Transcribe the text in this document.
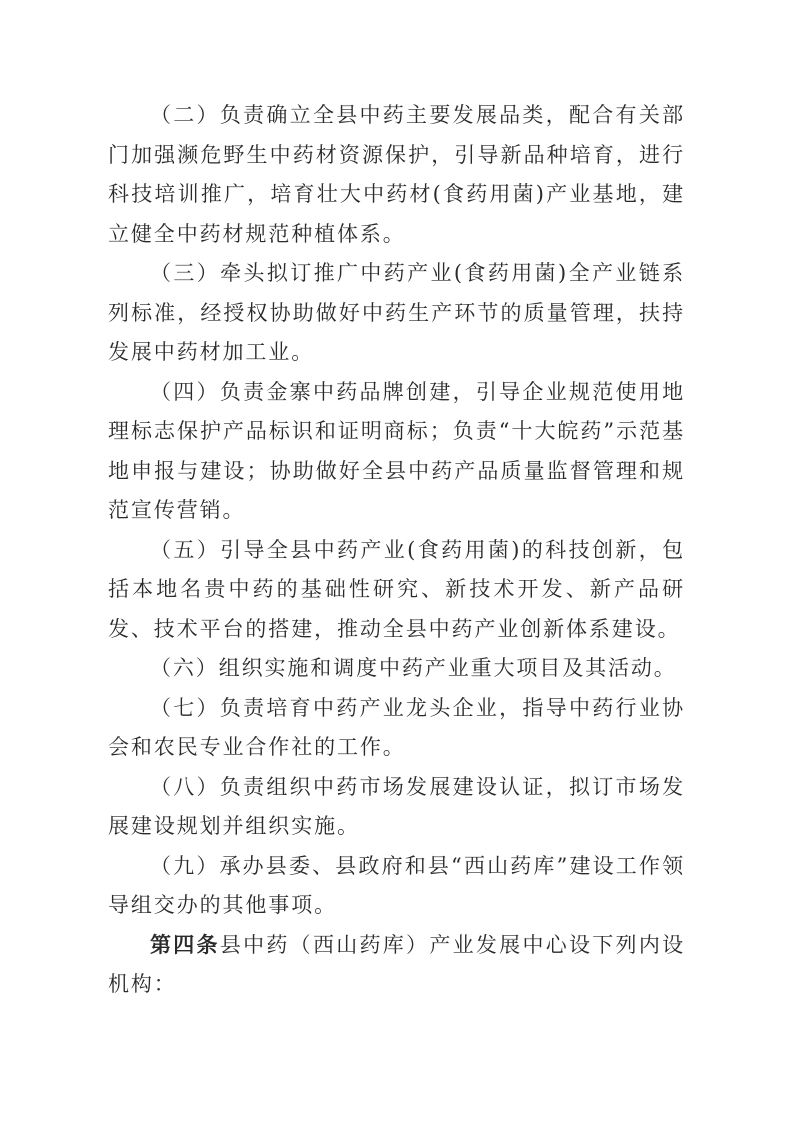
（二）负责确立全县中药主要发展品类，配合有关部门加强濒危野生中药材资源保护，引导新品种培育，进行科技培训推广，培育壮大中药材(食药用菌)产业基地，建立健全中药材规范种植体系。

（三）牵头拟订推广中药产业(食药用菌)全产业链系列标准，经授权协助做好中药生产环节的质量管理，扶持发展中药材加工业。

（四）负责金寨中药品牌创建，引导企业规范使用地理标志保护产品标识和证明商标；负责“十大皖药”示范基地申报与建设；协助做好全县中药产品质量监督管理和规范宣传营销。

（五）引导全县中药产业(食药用菌)的科技创新，包括本地名贵中药的基础性研究、新技术开发、新产品研发、技术平台的搭建，推动全县中药产业创新体系建设。

（六）组织实施和调度中药产业重大项目及其活动。

（七）负责培育中药产业龙头企业，指导中药行业协会和农民专业合作社的工作。

（八）负责组织中药市场发展建设认证，拟订市场发展建设规划并组织实施。

（九）承办县委、县政府和县“西山药库”建设工作领导组交办的其他事项。

第四条县中药（西山药库）产业发展中心设下列内设机构：
